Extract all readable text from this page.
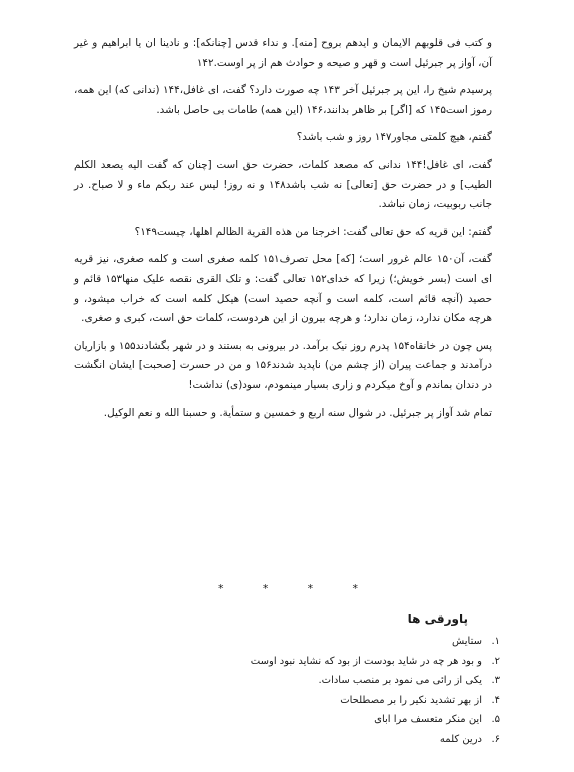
و کتب فی قلوبهم الایمان و ایدهم بروح [منه]. و نداء قدس [چنانکه]: و نادینا ان یا ابراهیم و غیر آن، آواز پر جبرئیل است و قهر و صیحه و حوادث هم از پر اوست.۱۴۲

پرسیدم شیخ را، این پر جبرئیل آخر ۱۴۳ چه صورت دارد؟ گفت، ای غافل،۱۴۴ (ندانی که) این همه، رموز است۱۴۵ که [اگر] بر ظاهر بدانند،۱۴۶ (این همه) طامات بی حاصل باشد.

گفتم، هیچ کلمتی مجاور۱۴۷ روز و شب باشد؟

گفت، ای غافل!۱۴۴ ندانی که مصعد کلمات، حضرت حق است [چنان که گفت الیه یصعد الکلم الطیب] و در حضرت حق [تعالی] نه شب باشد۱۴۸ و نه روز! لیس عند ربکم ماء و لا صباح. در جانب ربوبیت، زمان نباشد.

گفتم: این قریه که حق تعالی گفت: اخرجنا من هذه القریة الظالم اهلها، چیست۱۴۹؟

گفت، آن۱۵۰ عالم غرور است؛ [که] محل تصرف۱۵۱ کلمه صغری است و کلمه صغری، نیز قریه ای است (بسر خویش؛) زیرا که خدای۱۵۲ تعالی گفت: و تلک القری نقصه علیک منها۱۵۳ قائم و حصید (آنچه قائم است، کلمه است و آنچه حصید است) هیکل کلمه است که خراب میشود، و هرچه مکان ندارد، زمان ندارد؛ و هرچه بیرون از این هردوست، کلمات حق است، کبری و صغری.

پس چون در خانقاه۱۵۴ پدرم روز نیک برآمد. در بیرونی به بستند و در شهر بگشادند۱۵۵ و بازاریان درآمدند و جماعت پیران (از چشم من) ناپدید شدند۱۵۶ و من در حسرت [صحبت] ایشان انگشت در دندان بماندم و آوخ میکردم و زاری بسیار مینمودم، سود(ی) نداشت!

تمام شد آواز پر جبرئیل. در شوال سنه اربع و خمسین و ستمأیة. و حسبنا الله و نعم الوکیل.

*	*	*	*
پاورقی ها
۱.
ستایش
۲.
و بود هر چه در شاید بودست از بود که نشاید نبود اوست
۳.
یکی از رائی می نمود بر منصب سادات.
۴.
از بهر تشدید نکیر را بر مصطلحات
۵.
این منکر متعسف مرا ابای
۶.
درین کلمه
